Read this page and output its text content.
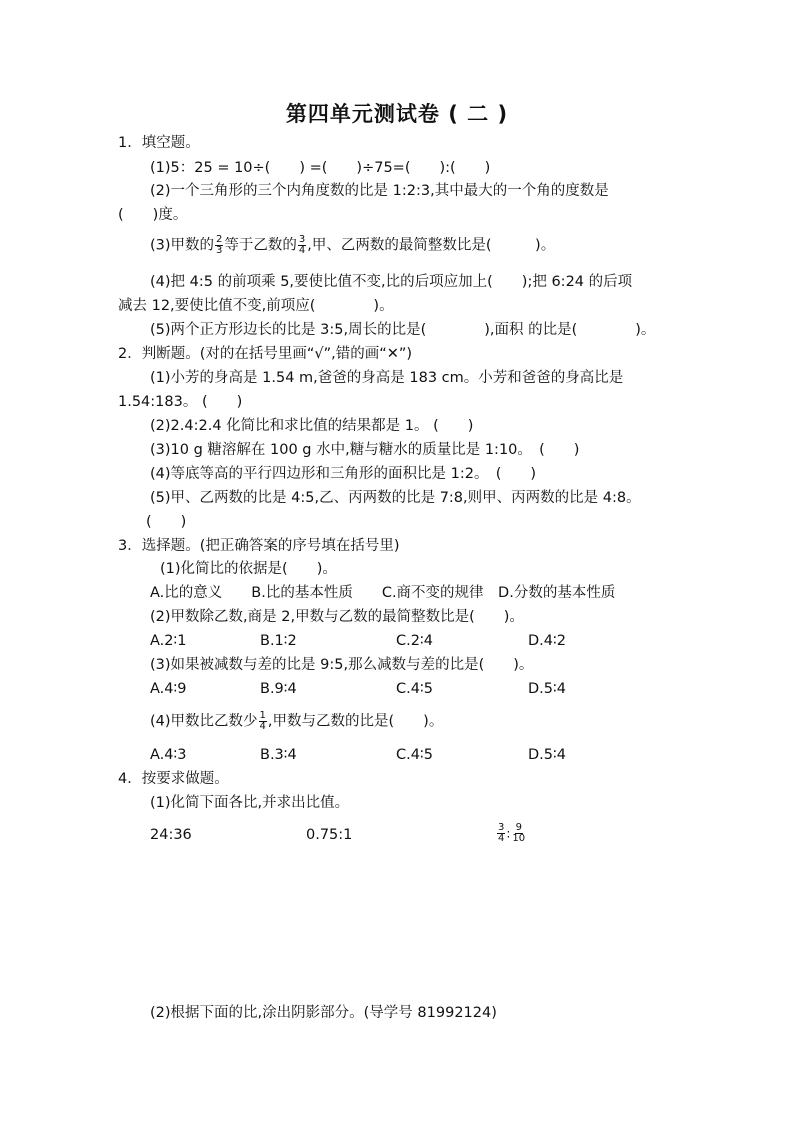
第四单元测试卷 ( 二 )
1．填空题。
(1)5：25 = 10÷(　　) =(　　)÷75=(　　):(　　)
(2)一个三角形的三个内角度数的比是 1:2:3,其中最大的一个角的度数是
(　　)度。
(3)甲数的 $\frac{2}{3}$ 等于乙数的 $\frac{3}{4}$ ,甲、乙两数的最简整数比是(　　　)。
(4)把 4:5 的前项乘 5,要使比值不变,比的后项应加上(　　);把 6:24 的后项
减去 12,要使比值不变,前项应(　　　　)。
(5)两个正方形边长的比是 3:5,周长的比是(　　　　),面积 的比是(　　　　)。
2．判断题。(对的在括号里画“√”,错的画“✕”)
(1)小芳的身高是 1.54 m,爸爸的身高是 183 cm。小芳和爸爸的身高比是
1.54:183。 (　　)
(2)2.4:2.4 化简比和求比值的结果都是 1。 (　　)
(3)10 g 糖溶解在 100 g 水中,糖与糖水的质量比是 1:10。　(　　)
(4)等底等高的平行四边形和三角形的面积比是 1:2。　(　　)
(5)甲、乙两数的比是 4:5,乙、丙两数的比是 7:8,则甲、丙两数的比是 4:8。
(　　)
3．选择题。(把正确答案的序号填在括号里)
(1)化简比的依据是(　　)。
A.比的意义　　B.比的基本性质　　C.商不变的规律　D.分数的基本性质
(2)甲数除乙数,商是 2,甲数与乙数的最简整数比是(　　)。
A.2∶1	B.1∶2	C.2∶4	D.4∶2
(3)如果被减数与差的比是 9:5,那么减数与差的比是(　　)。
A.4∶9	B.9∶4	C.4∶5	D.5∶4
(4)甲数比乙数少 $\frac{1}{4}$ ,甲数与乙数的比是(　　)。
A.4∶3	B.3∶4	C.4∶5	D.5∶4
4．按要求做题。
(1)化简下面各比,并求出比值。
24:36	0.75:1	$\frac{3}{4}$ : $\frac{9}{10}$
(2)根据下面的比,涂出阴影部分。(导学号 81992124)
